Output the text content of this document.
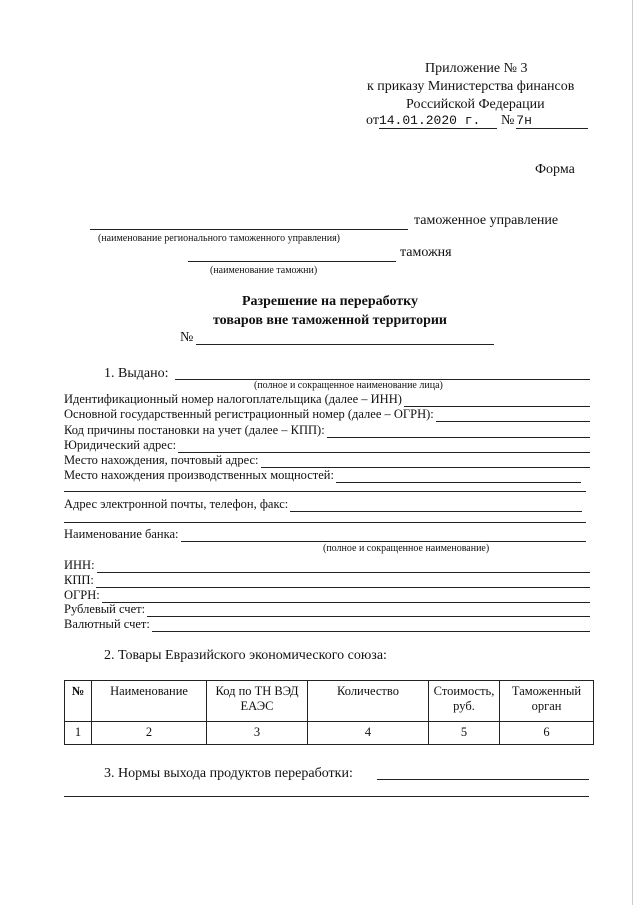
Приложение № 3
к приказу Министерства финансов
Российской Федерации
от 14.01.2020 г.	№ 7н
Форма
таможенное управление
(наименование регионального таможенного управления)
таможня
(наименование таможни)
Разрешение на переработку
товаров вне таможенной территории
№
1. Выдано:
(полное и сокращенное наименование лица)
Идентификационный номер налогоплательщика (далее – ИНН)
Основной государственный регистрационный номер (далее – ОГРН):
Код причины постановки на учет (далее – КПП):
Юридический адрес:
Место нахождения, почтовый адрес:
Место нахождения производственных мощностей:
Адрес электронной почты, телефон, факс:
Наименование банка:
(полное и сокращенное наименование)
ИНН:
КПП:
ОГРН:
Рублевый счет:
Валютный счет:
2. Товары Евразийского экономического союза:
№	Наименование	Код по ТН ВЭД ЕАЭС	Количество	Стоимость, руб.	Таможенный орган
1	2	3	4	5	6
3. Нормы выхода продуктов переработки:
